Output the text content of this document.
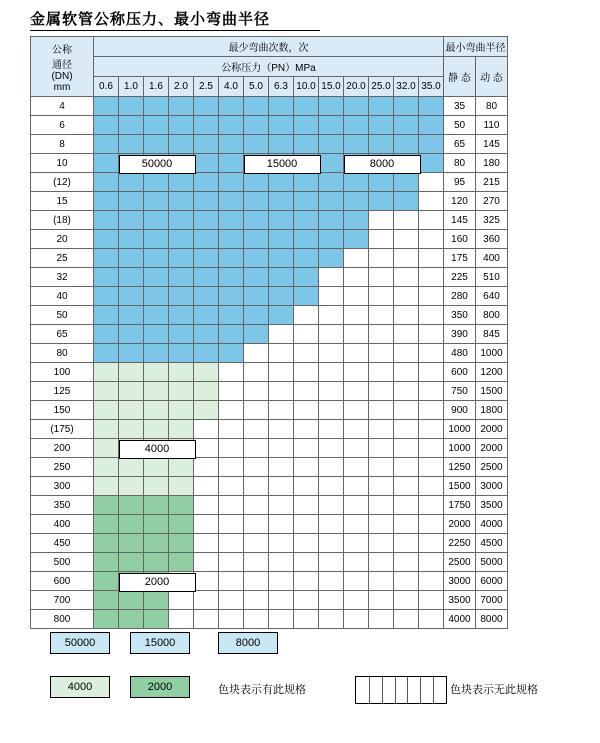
金属软管公称压力、最小弯曲半径
公称
通径
(DN)
mm	最少弯曲次数，次														最小弯曲半径	
	公称压力（PN）MPa														静 态	动 态
	0.6	1.0	1.6	2.0	2.5	4.0	5.0	6.3	10.0	15.0	20.0	25.0	32.0	35.0		
4															35	80
6															50	110
8															65	145
10															80	180
(12)															95	215
15															120	270
(18)															145	325
20															160	360
25															175	400
32															225	510
40															280	640
50															350	800
65															390	845
80															480	1000
100															600	1200
125															750	1500
150															900	1800
(175)															1000	2000
200															1000	2000
250															1250	2500
300															1500	3000
350															1750	3500
400															2000	4000
450															2250	4500
500															2500	5000
600															3000	6000
700															3500	7000
800															4000	8000
50000	15000	8000
4000
2000
50000	15000	8000
4000	2000	色块表示有此规格	色块表示无此规格
